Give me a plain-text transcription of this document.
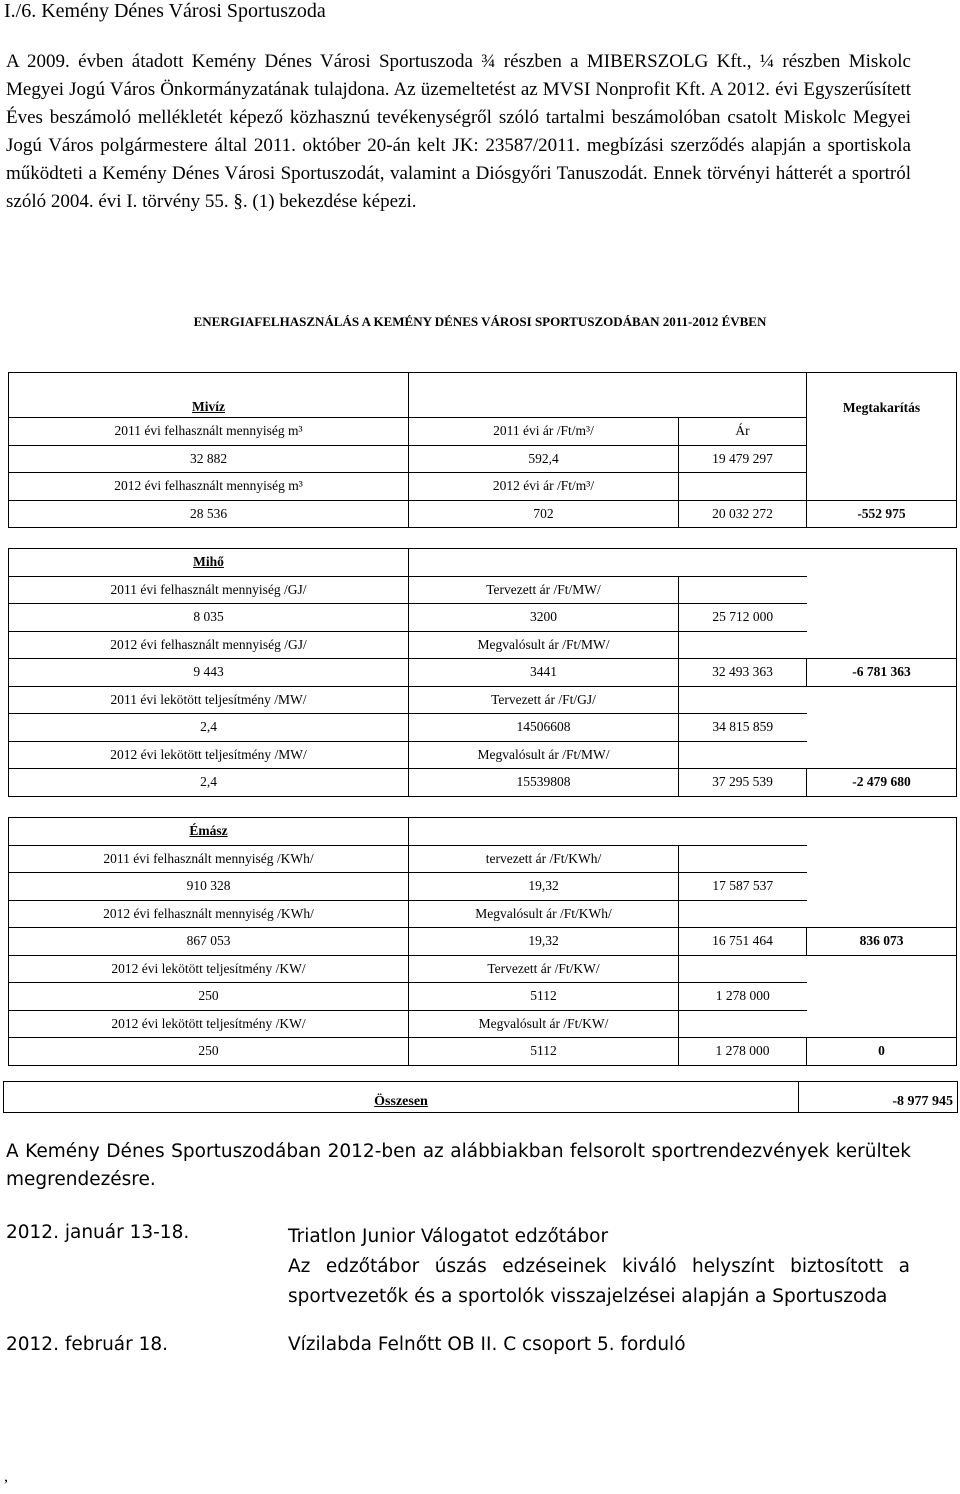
I./6. Kemény Dénes Városi Sportuszoda
A 2009. évben átadott Kemény Dénes Városi Sportuszoda ¾ részben a MIBERSZOLG Kft., ¼ részben Miskolc Megyei Jogú Város Önkormányzatának tulajdona. Az üzemeltetést az MVSI Nonprofit Kft. A 2012. évi Egyszerűsített Éves beszámoló mellékletét képező közhasznú tevékenységről szóló tartalmi beszámolóban csatolt Miskolc Megyei Jogú Város polgármestere által 2011. október 20-án kelt JK: 23587/2011. megbízási szerződés alapján a sportiskola működteti a Kemény Dénes Városi Sportuszodát, valamint a Diósgyőri Tanuszodát. Ennek törvényi hátterét a sportról szóló 2004. évi I. törvény 55. §. (1) bekezdése képezi.
ENERGIAFELHASZNÁLÁS A KEMÉNY DÉNES VÁROSI SPORTUSZODÁBAN 2011-2012 ÉVBEN
Mivíz			Megtakarítás
2011 évi felhasznált mennyiség m³	2011 évi ár /Ft/m³/	Ár	
32 882	592,4	19 479 297	
2012 évi felhasznált mennyiség m³	2012 évi ár /Ft/m³/		
28 536	702	20 032 272	-552 975
Mihő			
2011 évi felhasznált mennyiség /GJ/	Tervezett ár /Ft/MW/		
8 035	3200	25 712 000	
2012 évi felhasznált mennyiség /GJ/	Megvalósult ár /Ft/MW/		
9 443	3441	32 493 363	-6 781 363
2011 évi lekötött teljesítmény /MW/	Tervezett ár /Ft/GJ/		
2,4	14506608	34 815 859	
2012 évi lekötött teljesítmény /MW/	Megvalósult ár /Ft/MW/		
2,4	15539808	37 295 539	-2 479 680
Émász			
2011 évi felhasznált mennyiség /KWh/	tervezett ár /Ft/KWh/		
910 328	19,32	17 587 537	
2012 évi felhasznált mennyiség /KWh/	Megvalósult ár /Ft/KWh/		
867 053	19,32	16 751 464	836 073
2012 évi lekötött teljesítmény /KW/	Tervezett ár /Ft/KW/		
250	5112	1 278 000	
2012 évi lekötött teljesítmény /KW/	Megvalósult ár /Ft/KW/		
250	5112	1 278 000	0
Összesen	-8 977 945
A Kemény Dénes Sportuszodában 2012-ben az alábbiakban felsorolt sportrendezvények kerültek megrendezésre.
2012. január 13-18.	Triatlon Junior Válogatot edzőtábor
Az edzőtábor úszás edzéseinek kiváló helyszínt biztosított a sportvezetők és a sportolók visszajelzései alapján a Sportuszoda
2012. február 18.	Vízilabda Felnőtt OB II. C csoport 5. forduló
,
